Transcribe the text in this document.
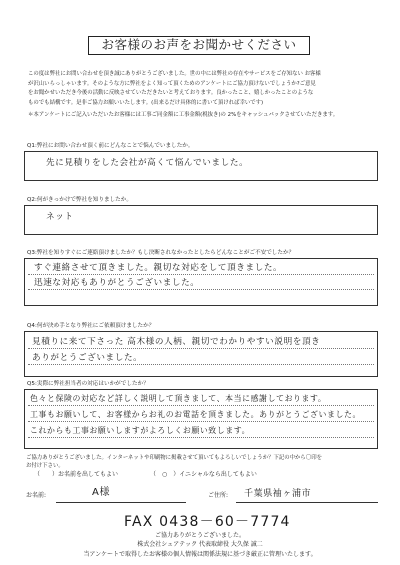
お客様のお声をお聞かせください

この度は弊社にお問い合わせを頂き誠にありがとうございました。世の中には弊社の存在やサービスをご存知ない お客様

が沢山いらっしゃいます。そのような方に弊社をよく知って頂くためのアンケートにご協力頂けないでしょうか?ご意見

をお聞かせいただき今後の活動に反映させていただきたいと考えております。良かったこと、嬉しかったことのような

ものでも結構です。是非ご協力お願いいたします。(出来るだけ具体的に書いて頂ければ幸いです)

＊本アンケートにご記入いただいたお客様には工事ご同金額に工事金額(税抜き)の 2%をキャッシュバックさせていただきます。

Q1:弊社にお問い合わせ頂く前にどんなことで悩んでいましたか。
先に見積りをした会社が高くて悩んでいました。
Q2:何がきっかけで弊社を知りましたか。
ネット
Q3:弊社を知りすぐにご連絡頂けましたか？もし決断されなかったとしたらどんなことがご不安でしたか？
すぐ連絡させて頂きました。親切な対応をして頂きました。
迅速な対応もありがとうございました。
Q4:何が決め手となり弊社にご依頼頂けましたか？
見積りに来て下さった 高木様の人柄、親切でわかりやすい説明を頂き
ありがとうございました。
Q5:実際に弊社担当者の対応はいかがでしたか？
色々と保険の対応など詳しく説明して頂きまして、本当に感謝しております。
工事もお願いして、お客様からお礼のお電話を頂きました。ありがとうございました。
これからも工事お願いしますがよろしくお願い致します。

ご協力ありがとうございました。インターネットや印刷物に掲載させて頂いてもよろしいでしょうか？下記の中から〇印を

お付け下さい。

（　　）お名前を出してもよい	（　○　）イニシャルなら出してもよい
お名前:	A様	ご住所: 千葉県袖ヶ浦市
FAX 0438－60－7774
ご協力ありがとうございました。
株式会社シェアテック 代表取締役 大久保 誠二
当アンケートで取得したお客様の個人情報は関係法規に基づき厳正に管理いたします。
